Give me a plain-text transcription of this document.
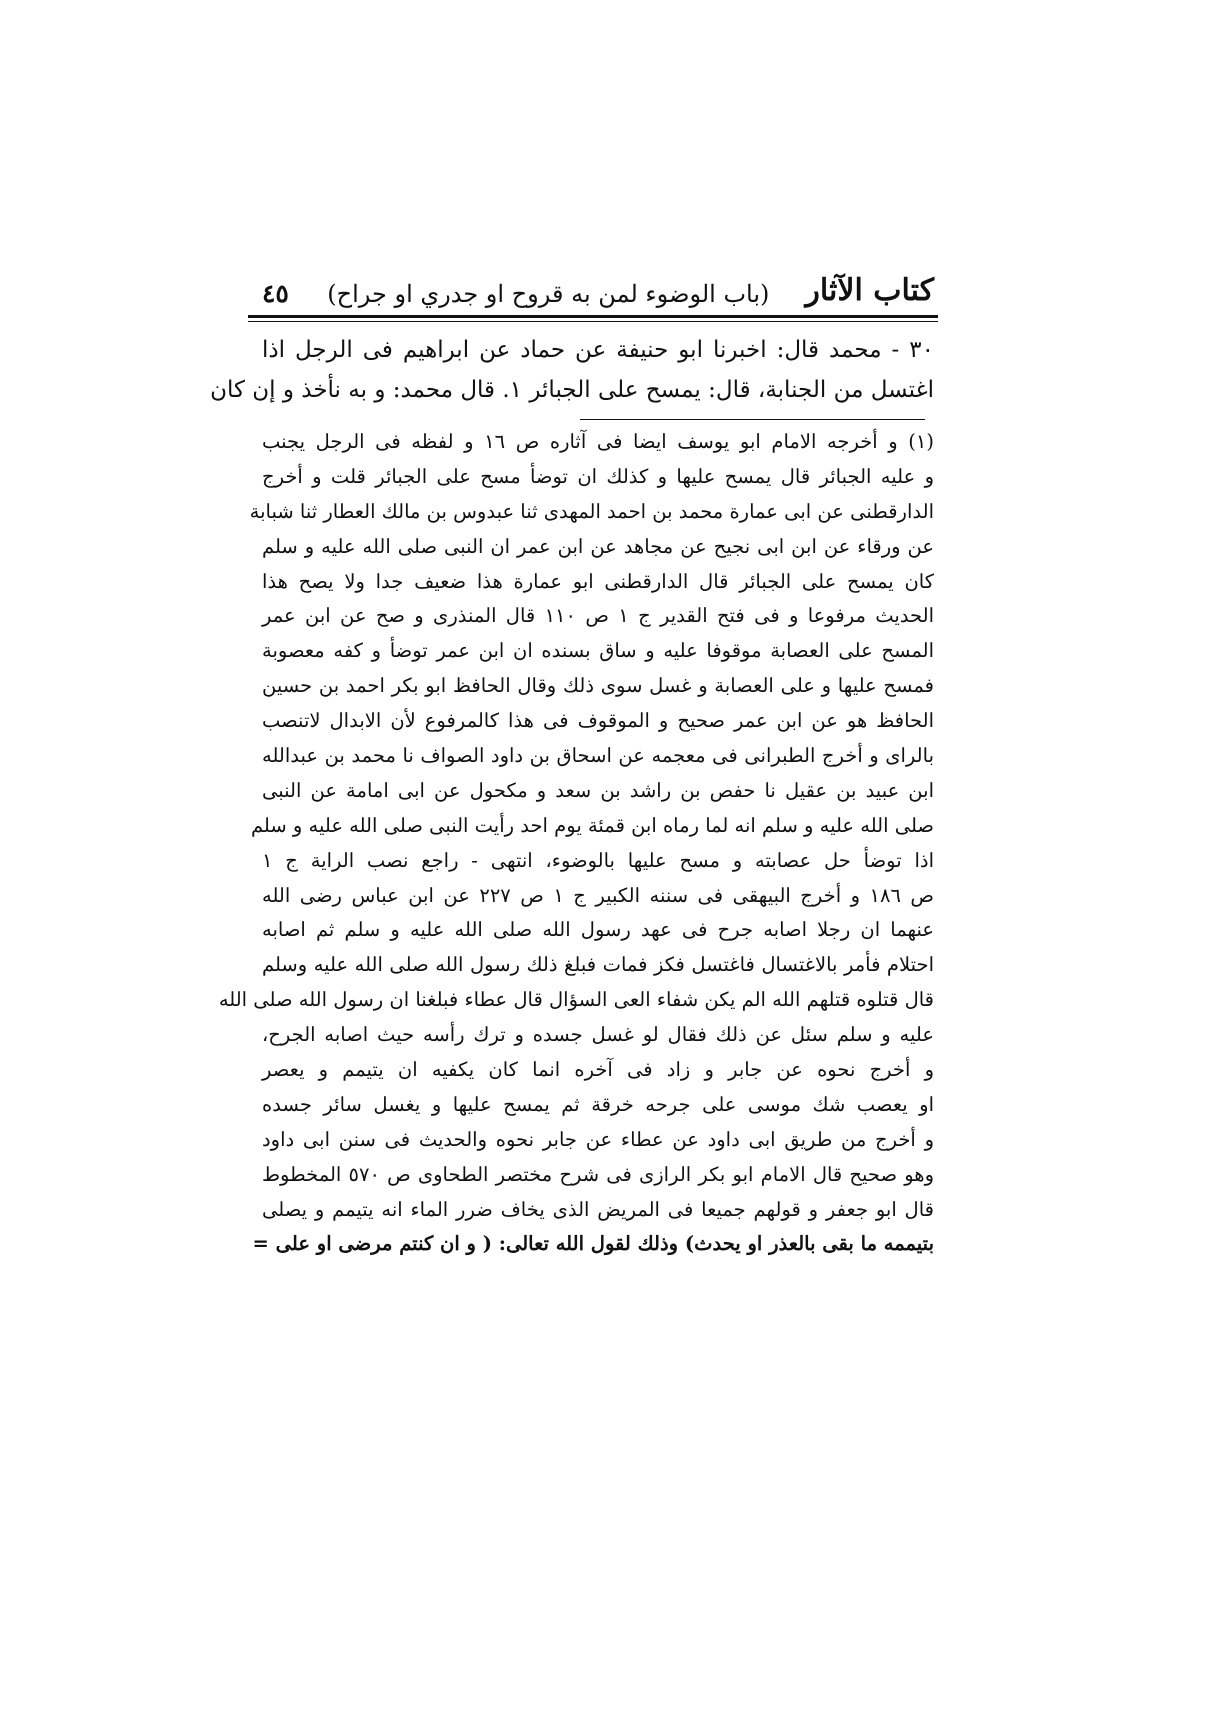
كتاب الآثار
(باب الوضوء لمن به قروح او جدري او جراح)
٤٥
٣٠ - محمد قال: اخبرنا ابو حنيفة عن حماد عن ابراهيم فى الرجل اذا
اغتسل من الجنابة، قال: يمسح على الجبائر ١. قال محمد: و به نأخذ و إن كان
(١) و أخرجه الامام ابو يوسف ايضا فى آثاره ص ١٦ و لفظه فى الرجل يجنب
و عليه الجبائر قال يمسح عليها و كذلك ان توضأ مسح على الجبائر قلت و أخرج
الدارقطنى عن ابى عمارة محمد بن احمد المهدى ثنا عبدوس بن مالك العطار ثنا شبابة
عن ورقاء عن ابن ابى نجيح عن مجاهد عن ابن عمر ان النبى صلى الله عليه و سلم
كان يمسح على الجبائر قال الدارقطنى ابو عمارة هذا ضعيف جدا ولا يصح هذا
الحديث مرفوعا و فى فتح القدير ج ١ ص ١١٠ قال المنذرى و صح عن ابن عمر
المسح على العصابة موقوفا عليه و ساق بسنده ان ابن عمر توضأ و كفه معصوبة
فمسح عليها و على العصابة و غسل سوى ذلك وقال الحافظ ابو بكر احمد بن حسين
الحافظ هو عن ابن عمر صحيح و الموقوف فى هذا كالمرفوع لأن الابدال لاتنصب
بالراى و أخرج الطبرانى فى معجمه عن اسحاق بن داود الصواف نا محمد بن عبدالله
ابن عبيد بن عقيل نا حفص بن راشد بن سعد و مكحول عن ابى امامة عن النبى
صلى الله عليه و سلم انه لما رماه ابن قمئة يوم احد رأيت النبى صلى الله عليه و سلم
اذا توضأ حل عصابته و مسح عليها بالوضوء، انتهى - راجع نصب الراية ج ١
ص ١٨٦ و أخرج البيهقى فى سننه الكبير ج ١ ص ٢٢٧ عن ابن عباس رضى الله
عنهما ان رجلا اصابه جرح فى عهد رسول الله صلى الله عليه و سلم ثم اصابه
احتلام فأمر بالاغتسال فاغتسل فكز فمات فبلغ ذلك رسول الله صلى الله عليه وسلم
قال قتلوه قتلهم الله الم يكن شفاء العى السؤال قال عطاء فبلغنا ان رسول الله صلى الله
عليه و سلم سئل عن ذلك فقال لو غسل جسده و ترك رأسه حيث اصابه الجرح،
و أخرج نحوه عن جابر و زاد فى آخره انما كان يكفيه ان يتيمم و يعصر
او يعصب شك موسى على جرحه خرقة ثم يمسح عليها و يغسل سائر جسده
و أخرج من طريق ابى داود عن عطاء عن جابر نحوه والحديث فى سنن ابى داود
وهو صحيح قال الامام ابو بكر الرازى فى شرح مختصر الطحاوى ص ٥٧٠ المخطوط
قال ابو جعفر و قولهم جميعا فى المريض الذى يخاف ضرر الماء انه يتيمم و يصلى
بتيممه ما بقى بالعذر او يحدث) وذلك لقول الله تعالى: ( و ان كنتم مرضى او على =
